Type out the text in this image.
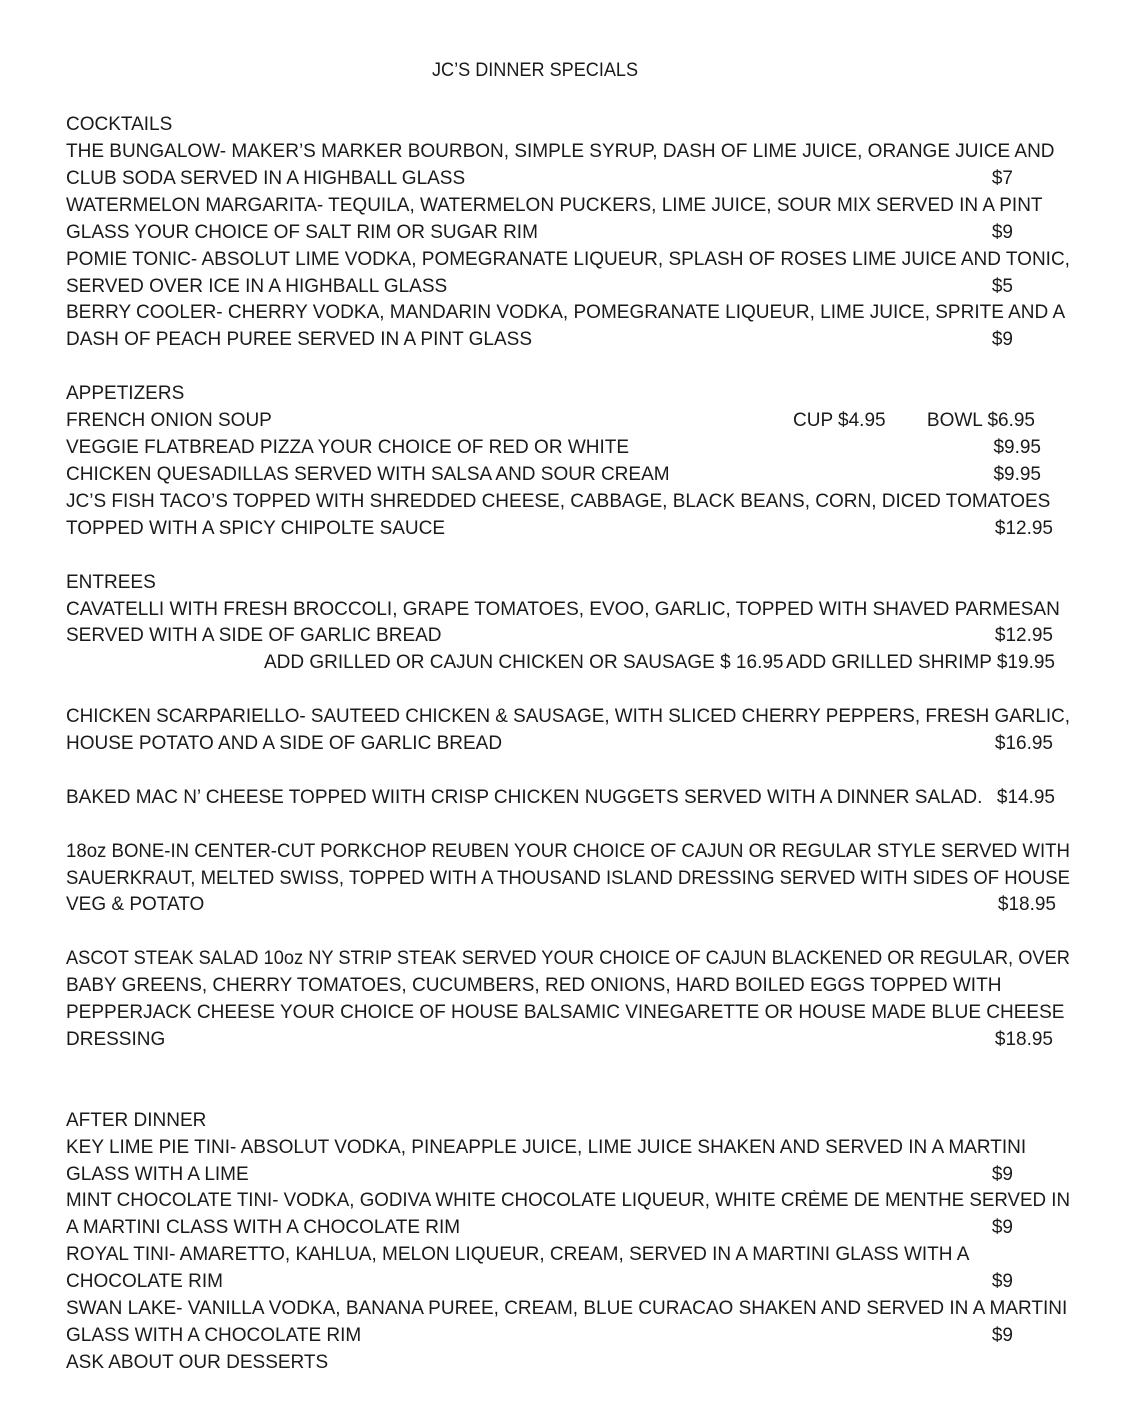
JC’S DINNER SPECIALS
COCKTAILS
THE BUNGALOW- MAKER’S MARKER BOURBON, SIMPLE SYRUP, DASH OF LIME JUICE, ORANGE JUICE AND
CLUB SODA SERVED IN A HIGHBALL GLASS	$7
WATERMELON MARGARITA- TEQUILA, WATERMELON PUCKERS, LIME JUICE, SOUR MIX SERVED IN A PINT
GLASS YOUR CHOICE OF SALT RIM OR SUGAR RIM	$9
POMIE TONIC- ABSOLUT LIME VODKA, POMEGRANATE LIQUEUR, SPLASH OF ROSES LIME JUICE AND TONIC,
SERVED OVER ICE IN A HIGHBALL GLASS	$5
BERRY COOLER- CHERRY VODKA, MANDARIN VODKA, POMEGRANATE LIQUEUR, LIME JUICE, SPRITE AND A
DASH OF PEACH PUREE SERVED IN A PINT GLASS	$9
APPETIZERS
FRENCH ONION SOUP	CUP $4.95 BOWL $6.95
VEGGIE FLATBREAD PIZZA YOUR CHOICE OF RED OR WHITE	$9.95
CHICKEN QUESADILLAS SERVED WITH SALSA AND SOUR CREAM	$9.95
JC’S FISH TACO’S TOPPED WITH SHREDDED CHEESE, CABBAGE, BLACK BEANS, CORN, DICED TOMATOES
TOPPED WITH A SPICY CHIPOLTE SAUCE	$12.95
ENTREES
CAVATELLI WITH FRESH BROCCOLI, GRAPE TOMATOES, EVOO, GARLIC, TOPPED WITH SHAVED PARMESAN
SERVED WITH A SIDE OF GARLIC BREAD	$12.95
ADD GRILLED OR CAJUN CHICKEN OR SAUSAGE $ 16.95 ADD GRILLED SHRIMP $19.95
CHICKEN SCARPARIELLO- SAUTEED CHICKEN & SAUSAGE, WITH SLICED CHERRY PEPPERS, FRESH GARLIC,
HOUSE POTATO AND A SIDE OF GARLIC BREAD	$16.95
BAKED MAC N’ CHEESE TOPPED WIITH CRISP CHICKEN NUGGETS SERVED WITH A DINNER SALAD. $14.95
18oz BONE-IN CENTER-CUT PORKCHOP REUBEN YOUR CHOICE OF CAJUN OR REGULAR STYLE SERVED WITH
SAUERKRAUT, MELTED SWISS, TOPPED WITH A THOUSAND ISLAND DRESSING SERVED WITH SIDES OF HOUSE
VEG & POTATO	$18.95
ASCOT STEAK SALAD 10oz NY STRIP STEAK SERVED YOUR CHOICE OF CAJUN BLACKENED OR REGULAR, OVER
BABY GREENS, CHERRY TOMATOES, CUCUMBERS, RED ONIONS, HARD BOILED EGGS TOPPED WITH
PEPPERJACK CHEESE YOUR CHOICE OF HOUSE BALSAMIC VINEGARETTE OR HOUSE MADE BLUE CHEESE
DRESSING	$18.95
AFTER DINNER
KEY LIME PIE TINI- ABSOLUT VODKA, PINEAPPLE JUICE, LIME JUICE SHAKEN AND SERVED IN A MARTINI
GLASS WITH A LIME	$9
MINT CHOCOLATE TINI- VODKA, GODIVA WHITE CHOCOLATE LIQUEUR, WHITE CRÈME DE MENTHE SERVED IN
A MARTINI CLASS WITH A CHOCOLATE RIM	$9
ROYAL TINI- AMARETTO, KAHLUA, MELON LIQUEUR, CREAM, SERVED IN A MARTINI GLASS WITH A
CHOCOLATE RIM	$9
SWAN LAKE- VANILLA VODKA, BANANA PUREE, CREAM, BLUE CURACAO SHAKEN AND SERVED IN A MARTINI
GLASS WITH A CHOCOLATE RIM	$9
ASK ABOUT OUR DESSERTS
